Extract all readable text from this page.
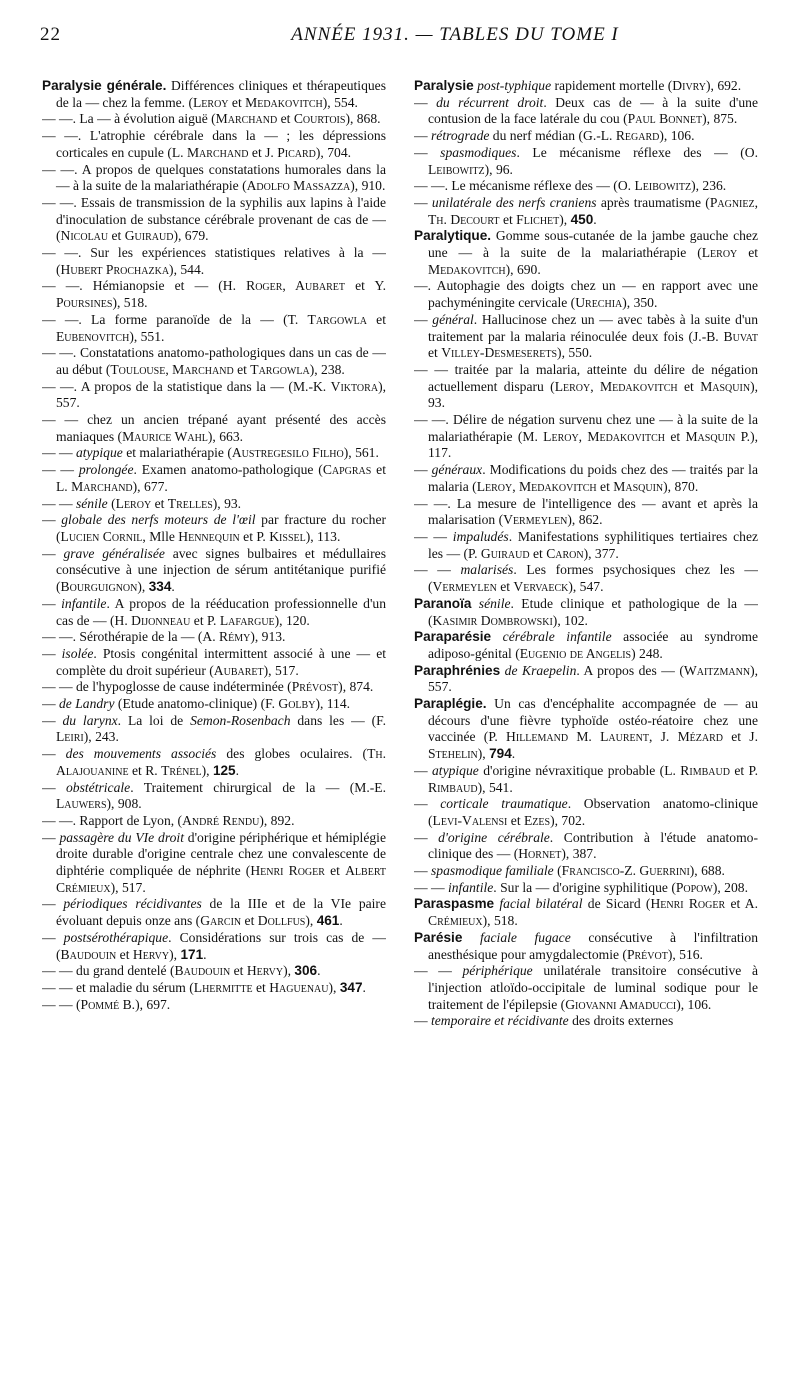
22	ANNÉE 1931. — TABLES DU TOME I

Paralysie générale. Différences cliniques et thérapeutiques de la — chez la femme. (Leroy et Medakovitch), 554.

— —. La — à évolution aiguë (Marchand et Courtois), 868.

— —. L'atrophie cérébrale dans la — ; les dépressions corticales en cupule (L. Marchand et J. Picard), 704.

— —. A propos de quelques constatations humorales dans la — à la suite de la malariathérapie (Adolfo Massazza), 910.

— —. Essais de transmission de la syphilis aux lapins à l'aide d'inoculation de substance cérébrale provenant de cas de — (Nicolau et Guiraud), 679.

— —. Sur les expériences statistiques relatives à la — (Hubert Prochazka), 544.

— —. Hémianopsie et — (H. Roger, Aubaret et Y. Poursines), 518.

— —. La forme paranoïde de la — (T. Targowla et Eubenovitch), 551.

— —. Constatations anatomo-pathologiques dans un cas de — au début (Toulouse, Marchand et Targowla), 238.

— —. A propos de la statistique dans la — (M.-K. Viktora), 557.

— — chez un ancien trépané ayant présenté des accès maniaques (Maurice Wahl), 663.

— — atypique et malariathérapie (Austregesilo Filho), 561.

— — prolongée. Examen anatomo-pathologique (Capgras et L. Marchand), 677.

— — sénile (Leroy et Trelles), 93.

— globale des nerfs moteurs de l'œil par fracture du rocher (Lucien Cornil, Mlle Hennequin et P. Kissel), 113.

— grave généralisée avec signes bulbaires et médullaires consécutive à une injection de sérum antitétanique purifié (Bourguignon), 334.

— infantile. A propos de la rééducation professionnelle d'un cas de — (H. Dijonneau et P. Lafargue), 120.

— —. Sérothérapie de la — (A. Rémy), 913.

— isolée. Ptosis congénital intermittent associé à une — et complète du droit supérieur (Aubaret), 517.

— — de l'hypoglosse de cause indéterminée (Prévost), 874.

— de Landry (Etude anatomo-clinique) (F. Golby), 114.

— du larynx. La loi de Semon-Rosenbach dans les — (F. Leiri), 243.

— des mouvements associés des globes oculaires. (Th. Alajouanine et R. Trénel), 125.

— obstétricale. Traitement chirurgical de la — (M.-E. Lauwers), 908.

— —. Rapport de Lyon, (André Rendu), 892.

— passagère du VIe droit d'origine périphérique et hémiplégie droite durable d'origine centrale chez une convalescente de diphtérie compliquée de néphrite (Henri Roger et Albert Crémieux), 517.

— périodiques récidivantes de la IIIe et de la VIe paire évoluant depuis onze ans (Garcin et Dollfus), 461.

— postsérothérapique. Considérations sur trois cas de — (Baudouin et Hervy), 171.

— — du grand dentelé (Baudouin et Hervy), 306.

— — et maladie du sérum (Lhermitte et Haguenau), 347.

— — (Pommé B.), 697.

Paralysie post-typhique rapidement mortelle (Divry), 692.

— du récurrent droit. Deux cas de — à la suite d'une contusion de la face latérale du cou (Paul Bonnet), 875.

— rétrograde du nerf médian (G.-L. Regard), 106.

— spasmodiques. Le mécanisme réflexe des — (O. Leibowitz), 96.

— —. Le mécanisme réflexe des — (O. Leibowitz), 236.

— unilatérale des nerfs craniens après traumatisme (Pagniez, Th. Decourt et Flichet), 450.

Paralytique. Gomme sous-cutanée de la jambe gauche chez une — à la suite de la malariathérapie (Leroy et Medakovitch), 690.

—. Autophagie des doigts chez un — en rapport avec une pachyméningite cervicale (Urechia), 350.

— général. Hallucinose chez un — avec tabès à la suite d'un traitement par la malaria réinoculée deux fois (J.-B. Buvat et Villey-Desmeserets), 550.

— — traitée par la malaria, atteinte du délire de négation actuellement disparu (Leroy, Medakovitch et Masquin), 93.

— —. Délire de négation survenu chez une — à la suite de la malariathérapie (M. Leroy, Medakovitch et Masquin P.), 117.

— généraux. Modifications du poids chez des — traités par la malaria (Leroy, Medakovitch et Masquin), 870.

— —. La mesure de l'intelligence des — avant et après la malarisation (Vermeylen), 862.

— — impaludés. Manifestations syphilitiques tertiaires chez les — (P. Guiraud et Caron), 377.

— — malarisés. Les formes psychosiques chez les — (Vermeylen et Vervaeck), 547.

Paranoïa sénile. Etude clinique et pathologique de la — (Kasimir Dombrowski), 102.

Paraparésie cérébrale infantile associée au syndrome adiposo-génital (Eugenio de Angelis) 248.

Paraphrénies de Kraepelin. A propos des — (Waitzmann), 557.

Paraplégie. Un cas d'encéphalite accompagnée de — au décours d'une fièvre typhoïde ostéo-réatoire chez une vaccinée (P. Hillemand M. Laurent, J. Mézard et J. Stehelin), 794.

— atypique d'origine névraxitique probable (L. Rimbaud et P. Rimbaud), 541.

— corticale traumatique. Observation anatomo-clinique (Levi-Valensi et Ezes), 702.

— d'origine cérébrale. Contribution à l'étude anatomo-clinique des — (Hornet), 387.

— spasmodique familiale (Francisco-Z. Guerrini), 688.

— — infantile. Sur la — d'origine syphilitique (Popow), 208.

Paraspasme facial bilatéral de Sicard (Henri Roger et A. Crémieux), 518.

Parésie faciale fugace consécutive à l'infiltration anesthésique pour amygdalectomie (Prévot), 516.

— — périphérique unilatérale transitoire consécutive à l'injection atloïdo-occipitale de luminal sodique pour le traitement de l'épilepsie (Giovanni Amaducci), 106.

— temporaire et récidivante des droits externes
